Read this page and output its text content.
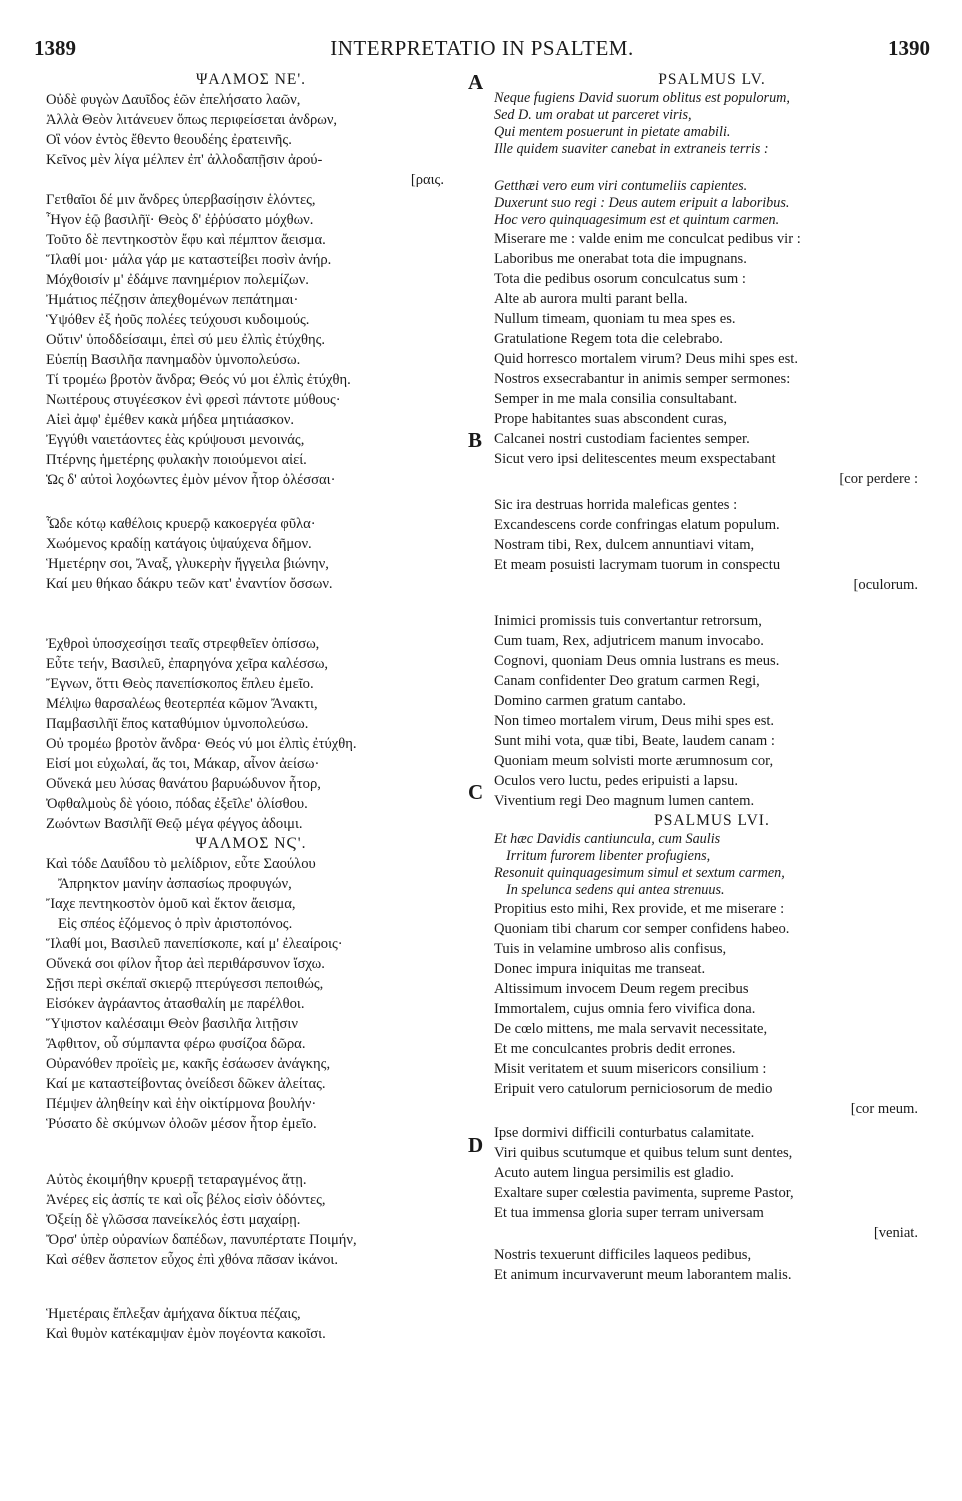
1389	INTERPRETATIO IN PSALTEM.	1390
A
B
C
D
ΨΑΛΜΟΣ ΝΕ'.
Οὐδὲ φυγὼν Δαυῖδος ἑῶν ἐπελήσατο λαῶν,
Ἀλλὰ Θεὸν λιτάνευεν ὅπως περιφείσεται ἀνδρων,
Οἳ νόον ἐντὸς ἔθεντο θεουδέης ἐρατεινῆς.
Κεῖνος μὲν λίγα μέλπεν ἐπ' ἀλλοδαπῇσιν ἀρού-
[ραις.
Γετθαῖοι δέ μιν ἄνδρες ὑπερβασίῃσιν ἑλόντες,
Ἦγον ἑῷ βασιλῆϊ· Θεὸς δ' ἐῤῥύσατο μόχθων.
Τοῦτο δὲ πεντηκοστὸν ἔφυ καὶ πέμπτον ἄεισμα.
Ἵλαθί μοι· μάλα γάρ με καταστείβει ποσὶν ἀνήρ.
Μόχθοισίν μ' ἐδάμνε πανημέριον πολεμίζων.
Ἠμάτιος πέζῃσιν ἀπεχθομένων πεπάτημαι·
Ὑψόθεν ἐξ ἠοῦς πολέες τεύχουσι κυδοιμούς.
Οὔτιν' ὑποδδείσαιμι, ἐπεὶ σύ μευ ἐλπὶς ἐτύχθης.
Εὐεπίῃ Βασιλῆα πανημαδὸν ὑμνοπολεύσω.
Τί τρομέω βροτὸν ἄνδρα; Θεός νύ μοι ἐλπὶς ἐτύχθη.
Νωιτέρους στυγέεσκον ἐνὶ φρεσὶ πάντοτε μύθους·
Αἰεὶ ἀμφ' ἐμέθεν κακὰ μήδεα μητιάασκον.
Ἐγγύθι ναιετάοντες ἑὰς κρύψουσι μενοινάς,
Πτέρνης ἡμετέρης φυλακὴν ποιούμενοι αἰεί.
Ὡς δ' αὐτοὶ λοχόωντες ἐμὸν μένον ἦτορ ὀλέσσαι·
Ὧδε κότῳ καθέλοις κρυερῷ κακοεργέα φῦλα·
Χωόμενος κραδίῃ κατάγοις ὑψαύχενα δῆμον.
Ἡμετέρην σοι, Ἄναξ, γλυκερὴν ἤγγειλα βιώνην,
Καί μευ θήκαο δάκρυ τεῶν κατ' ἐναντίον ὄσσων.
Ἐχθροὶ ὑποσχεσίῃσι τεαῖς στρεφθεῖεν ὀπίσσω,
Εὖτε τεήν, Βασιλεῦ, ἐπαρηγόνα χεῖρα καλέσσω,
Ἔγνων, ὅττι Θεὸς πανεπίσκοπος ἔπλευ ἐμεῖο.
Μέλψω θαρσαλέως θεοτερπέα κῶμον Ἄνακτι,
Παμβασιλῆϊ ἔπος καταθύμιον ὑμνοπολεύσω.
Οὐ τρομέω βροτὸν ἄνδρα· Θεός νύ μοι ἐλπὶς ἐτύχθη.
Εἰσί μοι εὐχωλαί, ἅς τοι, Μάκαρ, αἶνον ἀείσω·
Οὕνεκά μευ λύσας θανάτου βαρυώδυνον ἦτορ,
Ὀφθαλμοὺς δὲ γόοιο, πόδας ἐξεῖλε' ὀλίσθου.
Ζωόντων Βασιλῆϊ Θεῷ μέγα φέγγος ἀδοιμι.
ΨΑΛΜΟΣ ΝϚ'.
Καὶ τόδε Δαυΐδου τὸ μελίδριον, εὖτε Σαούλου
Ἄπρηκτον μανίην ἀσπασίως προφυγών,
Ἴαχε πεντηκοστὸν ὁμοῦ καὶ ἕκτον ἄεισμα,
Εἰς σπέος ἑζόμενος ὁ πρὶν ἀριστοπόνος.
Ἵλαθί μοι, Βασιλεῦ πανεπίσκοπε, καί μ' ἐλεαίροις·
Οὕνεκά σοι φίλον ἦτορ ἀεὶ περιθάρσυνον ἴσχω.
Σῇσι περὶ σκέπαϊ σκιερῷ πτερύγεσσι πεποιθώς,
Εἰσόκεν ἀγράαντος ἀτασθαλίη με παρέλθοι.
Ὕψιστον καλέσαιμι Θεὸν βασιλῆα λιτῇσιν
Ἄφθιτον, οὗ σύμπαντα φέρω φυσίζοα δῶρα.
Οὐρανόθεν προϊεὶς με, κακῆς ἐσάωσεν ἀνάγκης,
Καί με καταστείβοντας ὀνείδεσι δῶκεν ἀλείτας.
Πέμψεν ἀληθείην καὶ ἑὴν οἰκτίρμονα βουλήν·
Ῥύσατο δὲ σκύμνων ὀλοῶν μέσον ἦτορ ἐμεῖο.
Αὐτὸς ἐκοιμήθην κρυερῇ τεταραγμένος ἄτῃ.
Ἀνέρες εἰς ἀσπίς τε καὶ οἷς βέλος εἰσὶν ὀδόντες,
Ὀξείῃ δὲ γλῶσσα πανείκελός ἐστι μαχαίρῃ.
Ὄρσ' ὑπὲρ οὐρανίων δαπέδων, πανυπέρτατε Ποιμήν,
Καὶ σέθεν ἄσπετον εὖχος ἐπὶ χθόνα πᾶσαν ἱκάνοι.
Ἡμετέραις ἔπλεξαν ἀμήχανα δίκτυα πέζαις,
Καὶ θυμὸν κατέκαμψαν ἐμὸν πογέοντα κακοῖσι.
PSALMUS LV.
Neque fugiens David suorum oblitus est populorum,
Sed D. um orabat ut parceret viris,
Qui mentem posuerunt in pietate amabili.
Ille quidem suaviter canebat in extraneis terris :
Getthæi vero eum viri contumeliis capientes.
Duxerunt suo regi : Deus autem eripuit a laboribus.
Hoc vero quinquagesimum est et quintum carmen.
Miserare me : valde enim me conculcat pedibus vir :
Laboribus me onerabat tota die impugnans.
Tota die pedibus osorum conculcatus sum :
Alte ab aurora multi parant bella.
Nullum timeam, quoniam tu mea spes es.
Gratulatione Regem tota die celebrabo.
Quid horresco mortalem virum? Deus mihi spes est.
Nostros exsecrabantur in animis semper sermones:
Semper in me mala consilia consultabant.
Prope habitantes suas abscondent curas,
Calcanei nostri custodiam facientes semper.
Sicut vero ipsi delitescentes meum exspectabant
[cor perdere :
Sic ira destruas horrida maleficas gentes :
Excandescens corde confringas elatum populum.
Nostram tibi, Rex, dulcem annuntiavi vitam,
Et meam posuisti lacrymam tuorum in conspectu
[oculorum.
Inimici promissis tuis convertantur retrorsum,
Cum tuam, Rex, adjutricem manum invocabo.
Cognovi, quoniam Deus omnia lustrans es meus.
Canam confidenter Deo gratum carmen Regi,
Domino carmen gratum cantabo.
Non timeo mortalem virum, Deus mihi spes est.
Sunt mihi vota, quæ tibi, Beate, laudem canam :
Quoniam meum solvisti morte ærumnosum cor,
Oculos vero luctu, pedes eripuisti a lapsu.
Viventium regi Deo magnum lumen cantem.
PSALMUS LVI.
Et hæc Davidis cantiuncula, cum Saulis
Irritum furorem libenter profugiens,
Resonuit quinquagesimum simul et sextum carmen,
In spelunca sedens qui antea strenuus.
Propitius esto mihi, Rex provide, et me miserare :
Quoniam tibi charum cor semper confidens habeo.
Tuis in velamine umbroso alis confisus,
Donec impura iniquitas me transeat.
Altissimum invocem Deum regem precibus
Immortalem, cujus omnia fero vivifica dona.
De cœlo mittens, me mala servavit necessitate,
Et me conculcantes probris dedit errones.
Misit veritatem et suum misericors consilium :
Eripuit vero catulorum perniciosorum de medio
[cor meum.
Ipse dormivi difficili conturbatus calamitate.
Viri quibus scutumque et quibus telum sunt dentes,
Acuto autem lingua persimilis est gladio.
Exaltare super cœlestia pavimenta, supreme Pastor,
Et tua immensa gloria super terram universam
[veniat.
Nostris texuerunt difficiles laqueos pedibus,
Et animum incurvaverunt meum laborantem malis.
